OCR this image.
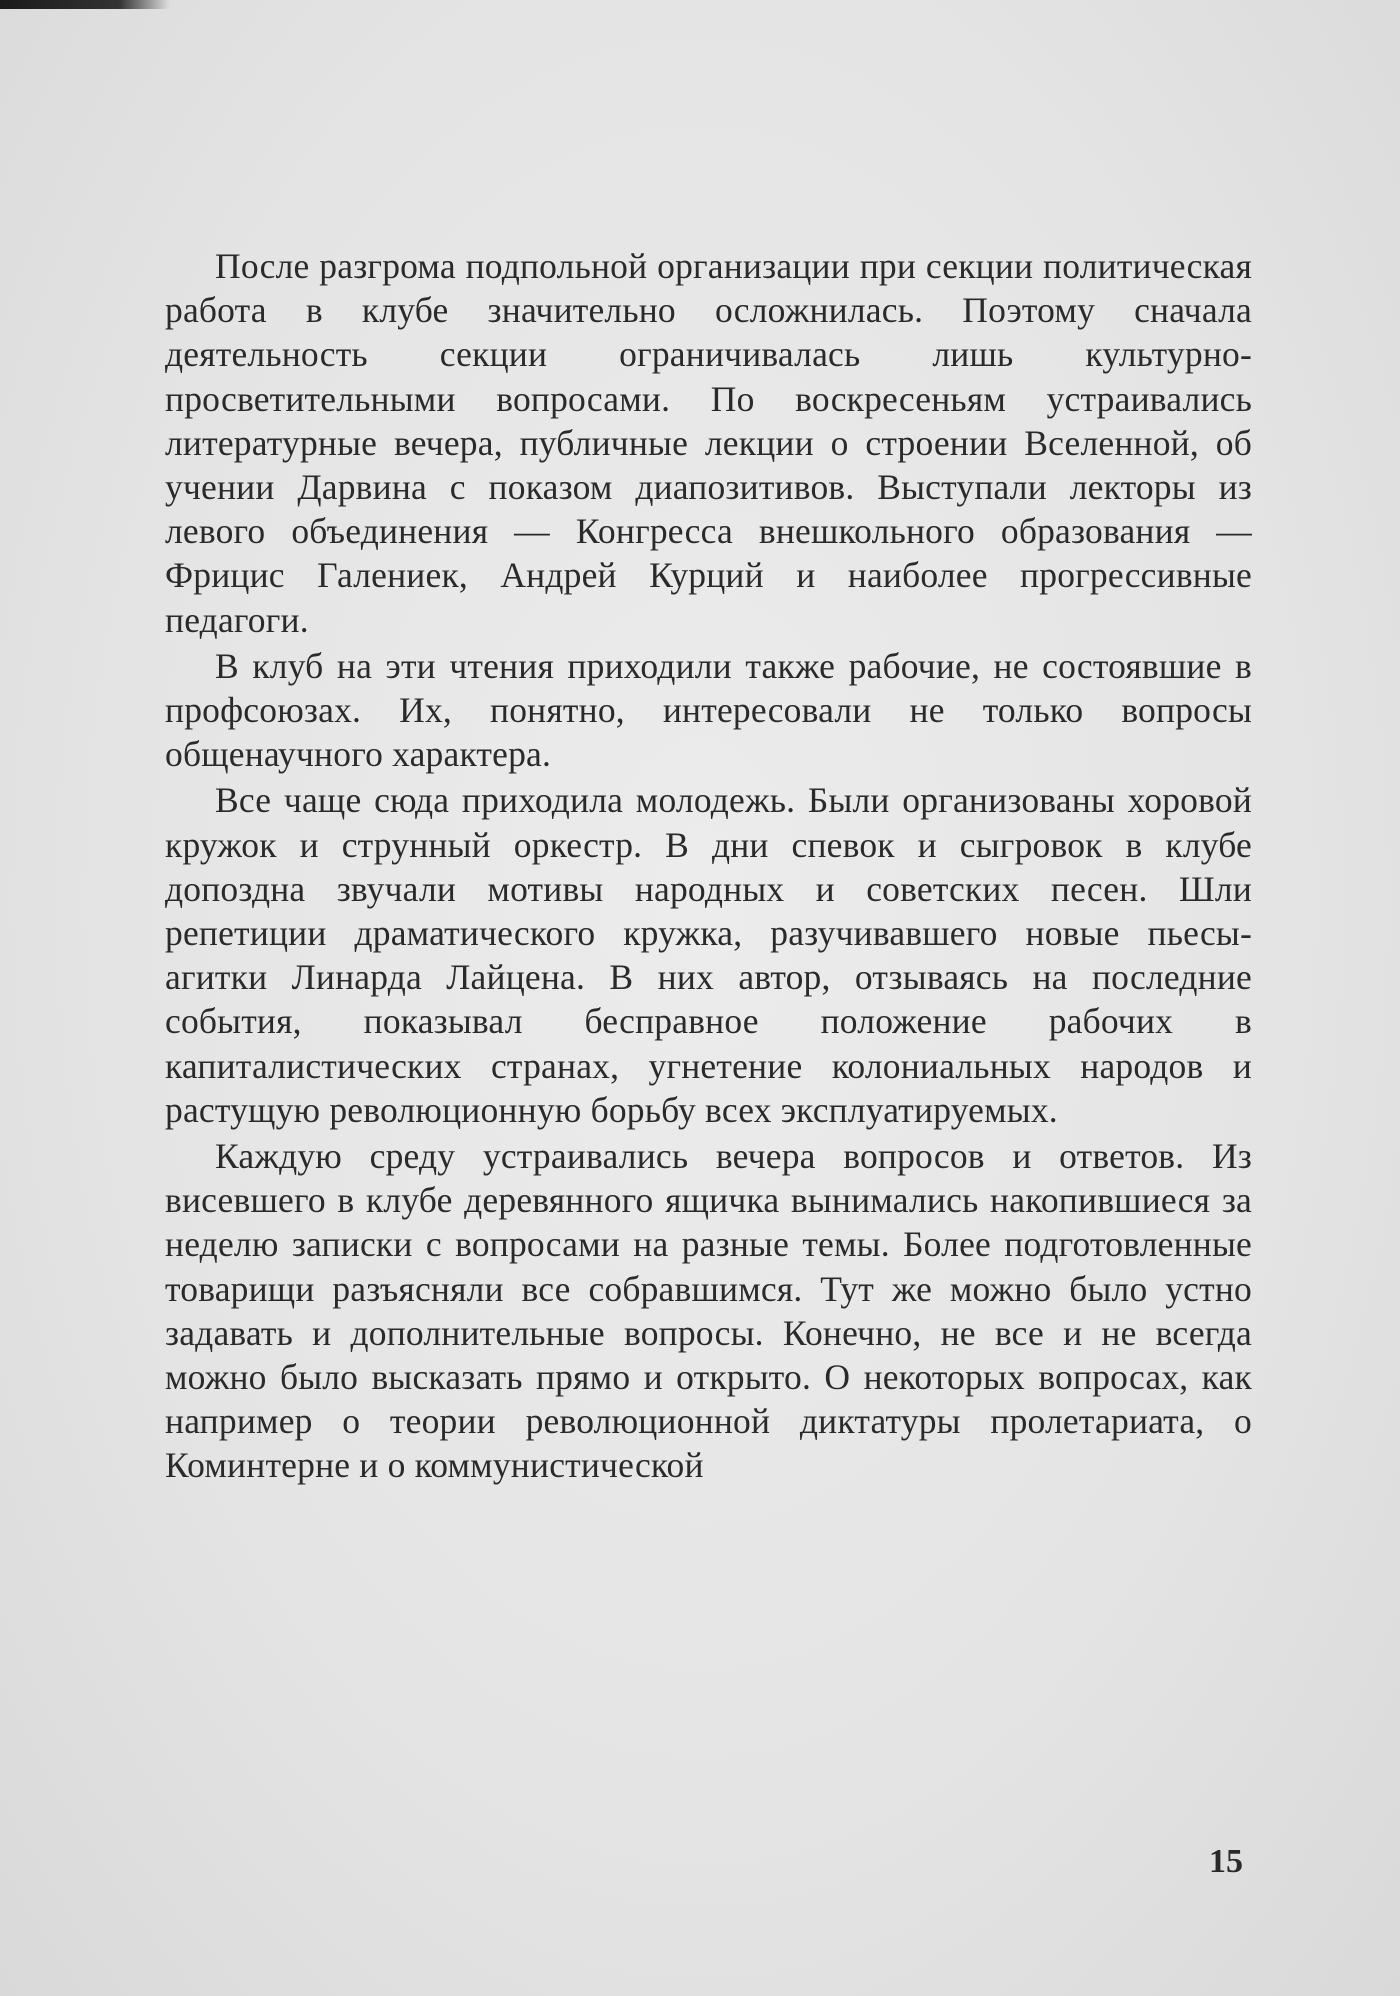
После разгрома подпольной организации при секции политическая работа в клубе значительно осложнилась. Поэтому сначала деятельность секции ограничивалась лишь культурно-просветительными вопросами. По воскресеньям устраивались литературные вечера, публичные лекции о строении Вселенной, об учении Дарвина с показом диапозитивов. Выступали лекторы из левого объединения — Конгресса внешкольного образования — Фрицис Галениек, Андрей Курций и наиболее прогрессивные педагоги.

В клуб на эти чтения приходили также рабочие, не состоявшие в профсоюзах. Их, понятно, интересовали не только вопросы общенаучного характера.

Все чаще сюда приходила молодежь. Были организованы хоровой кружок и струнный оркестр. В дни спевок и сыгровок в клубе допоздна звучали мотивы народных и советских песен. Шли репетиции драматического кружка, разучивавшего новые пьесы-агитки Линарда Лайцена. В них автор, отзываясь на последние события, показывал бесправное положение рабочих в капиталистических странах, угнетение колониальных народов и растущую революционную борьбу всех эксплуатируемых.

Каждую среду устраивались вечера вопросов и ответов. Из висевшего в клубе деревянного ящичка вынимались накопившиеся за неделю записки с вопросами на разные темы. Более подготовленные товарищи разъясняли все собравшимся. Тут же можно было устно задавать и дополнительные вопросы. Конечно, не все и не всегда можно было высказать прямо и открыто. О некоторых вопросах, как например о теории революционной диктатуры пролетариата, о Коминтерне и о коммунистической

15
